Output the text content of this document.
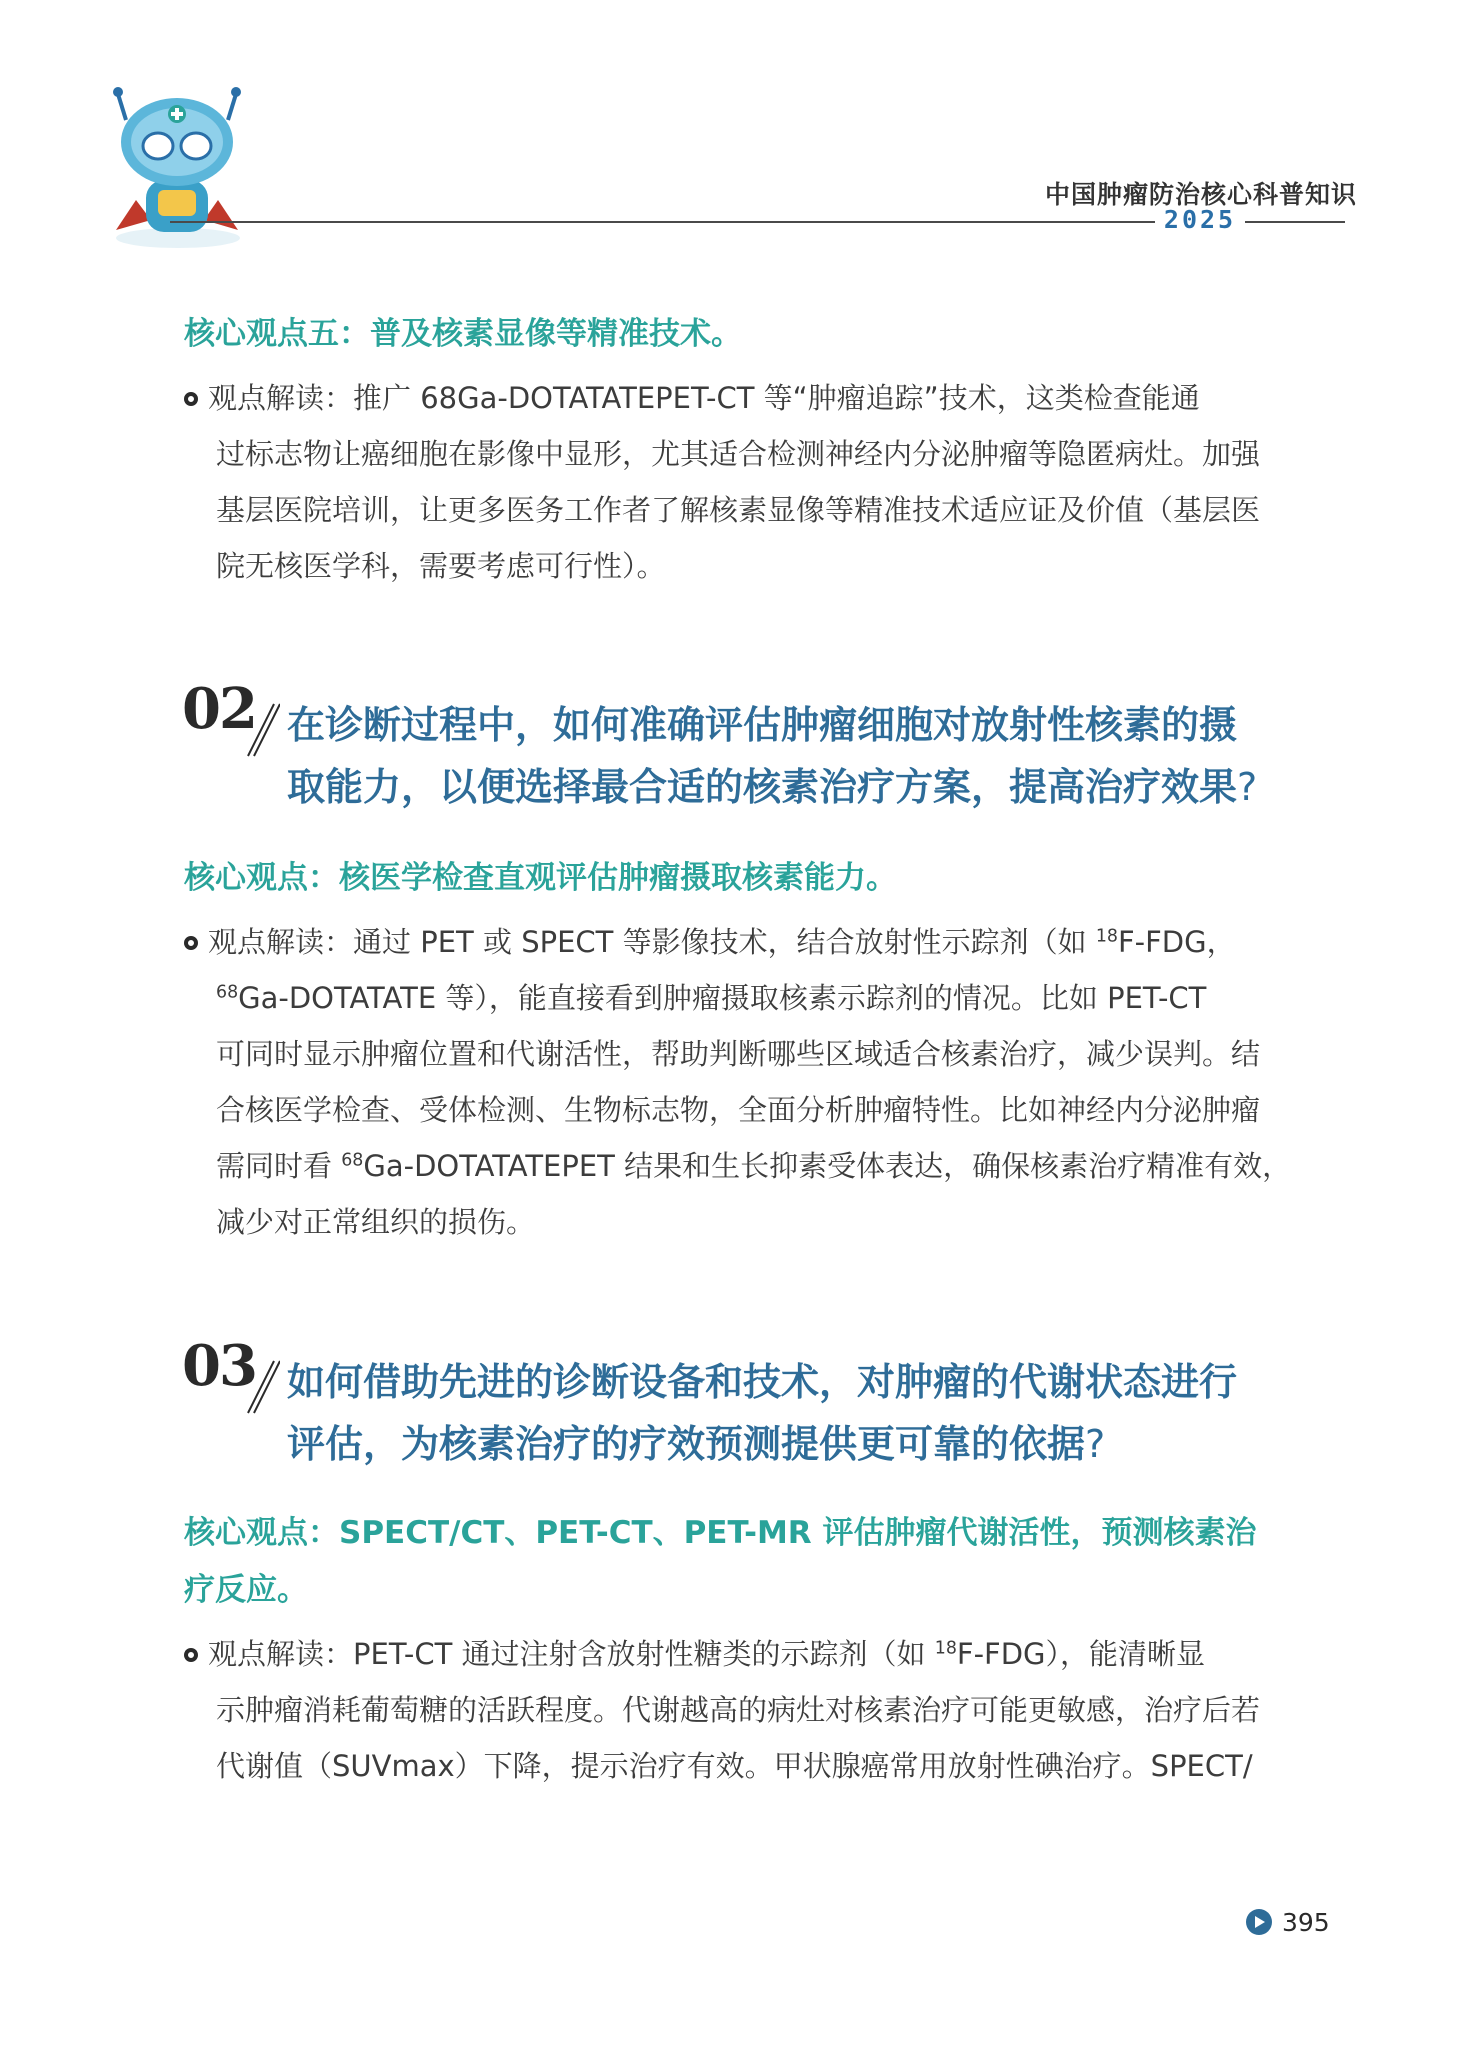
中国肿瘤防治核心科普知识
2025
核心观点五：普及核素显像等精准技术。
观点解读：推广 68Ga-DOTATATEPET-CT 等“肿瘤追踪”技术，这类检查能通
过标志物让癌细胞在影像中显形，尤其适合检测神经内分泌肿瘤等隐匿病灶。加强
基层医院培训，让更多医务工作者了解核素显像等精准技术适应证及价值（基层医
院无核医学科，需要考虑可行性）。
02 在诊断过程中，如何准确评估肿瘤细胞对放射性核素的摄
取能力，以便选择最合适的核素治疗方案，提高治疗效果?
核心观点：核医学检查直观评估肿瘤摄取核素能力。
观点解读：通过 PET 或 SPECT 等影像技术，结合放射性示踪剂（如 $^{18}$F-FDG，
$^{68}$Ga-DOTATATE 等），能直接看到肿瘤摄取核素示踪剂的情况。比如 PET-CT
可同时显示肿瘤位置和代谢活性，帮助判断哪些区域适合核素治疗，减少误判。结
合核医学检查、受体检测、生物标志物，全面分析肿瘤特性。比如神经内分泌肿瘤
需同时看 $^{68}$Ga-DOTATATEPET 结果和生长抑素受体表达，确保核素治疗精准有效，
减少对正常组织的损伤。
03 如何借助先进的诊断设备和技术，对肿瘤的代谢状态进行
评估，为核素治疗的疗效预测提供更可靠的依据?
核心观点：SPECT/CT、PET-CT、PET-MR 评估肿瘤代谢活性，预测核素治
疗反应。
观点解读：PET-CT 通过注射含放射性糖类的示踪剂（如 $^{18}$F-FDG），能清晰显
示肿瘤消耗葡萄糖的活跃程度。代谢越高的病灶对核素治疗可能更敏感，治疗后若
代谢值（SUVmax）下降，提示治疗有效。甲状腺癌常用放射性碘治疗。SPECT/
395
